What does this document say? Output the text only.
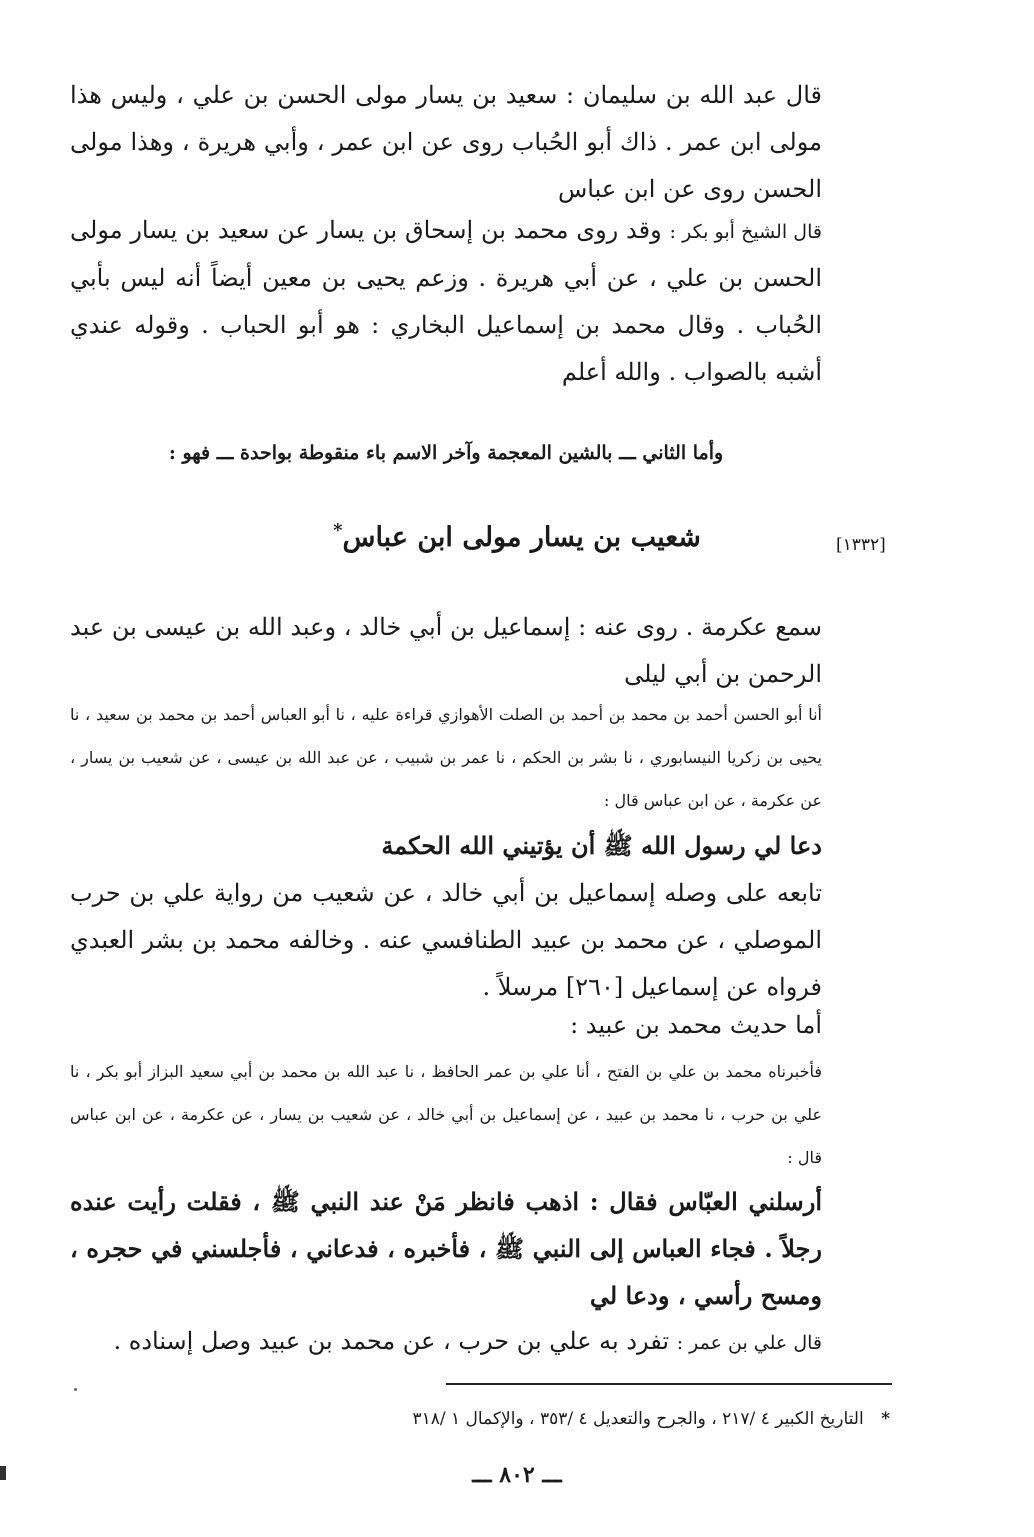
قال عبد الله بن سليمان : سعيد بن يسار مولى الحسن بن علي ، وليس هذا مولى ابن عمر . ذاك أبو الحُباب روى عن ابن عمر ، وأبي هريرة ، وهذا مولى الحسن روى عن ابن عباس
قال الشيخ أبو بكر : وقد روى محمد بن إسحاق بن يسار عن سعيد بن يسار مولى الحسن بن علي ، عن أبي هريرة . وزعم يحيى بن معين أيضاً أنه ليس بأبي الحُباب . وقال محمد بن إسماعيل البخاري : هو أبو الحباب . وقوله عندي أشبه بالصواب . والله أعلم
وأما الثاني ـــ بالشين المعجمة وآخر الاسم باء منقوطة بواحدة ـــ فهو :
[١٣٣٢]
شعيب بن يسار مولى ابن عباس*
سمع عكرمة . روى عنه : إسماعيل بن أبي خالد ، وعبد الله بن عيسى بن عبد الرحمن بن أبي ليلى
أنا أبو الحسن أحمد بن محمد بن أحمد بن الصلت الأهوازي قراءة عليه ، نا أبو العباس أحمد بن محمد بن سعيد ، نا يحيى بن زكريا النيسابوري ، نا بشر بن الحكم ، نا عمر بن شبيب ، عن عبد الله بن عيسى ، عن شعيب بن يسار ، عن عكرمة ، عن ابن عباس قال :
دعا لي رسول الله ﷺ أن يؤتيني الله الحكمة
تابعه على وصله إسماعيل بن أبي خالد ، عن شعيب من رواية علي بن حرب الموصلي ، عن محمد بن عبيد الطنافسي عنه . وخالفه محمد بن بشر العبدي فرواه عن إسماعيل [٢٦٠] مرسلاً .
أما حديث محمد بن عبيد :
فأخبرناه محمد بن علي بن الفتح ، أنا علي بن عمر الحافظ ، نا عبد الله بن محمد بن أبي سعيد البزاز أبو بكر ، نا علي بن حرب ، نا محمد بن عبيد ، عن إسماعيل بن أبي خالد ، عن شعيب بن يسار ، عن عكرمة ، عن ابن عباس قال :
أرسلني العبّاس فقال : اذهب فانظر مَنْ عند النبي ﷺ ، فقلت رأيت عنده رجلاً . فجاء العباس إلى النبي ﷺ ، فأخبره ، فدعاني ، فأجلسني في حجره ، ومسح رأسي ، ودعا لي
قال علي بن عمر : تفرد به علي بن حرب ، عن محمد بن عبيد وصل إسناده .
* التاريخ الكبير ٤ /٢١٧ ، والجرح والتعديل ٤ /٣٥٣ ، والإكمال ١ /٣١٨
ـــ ٨٠٢ ـــ
